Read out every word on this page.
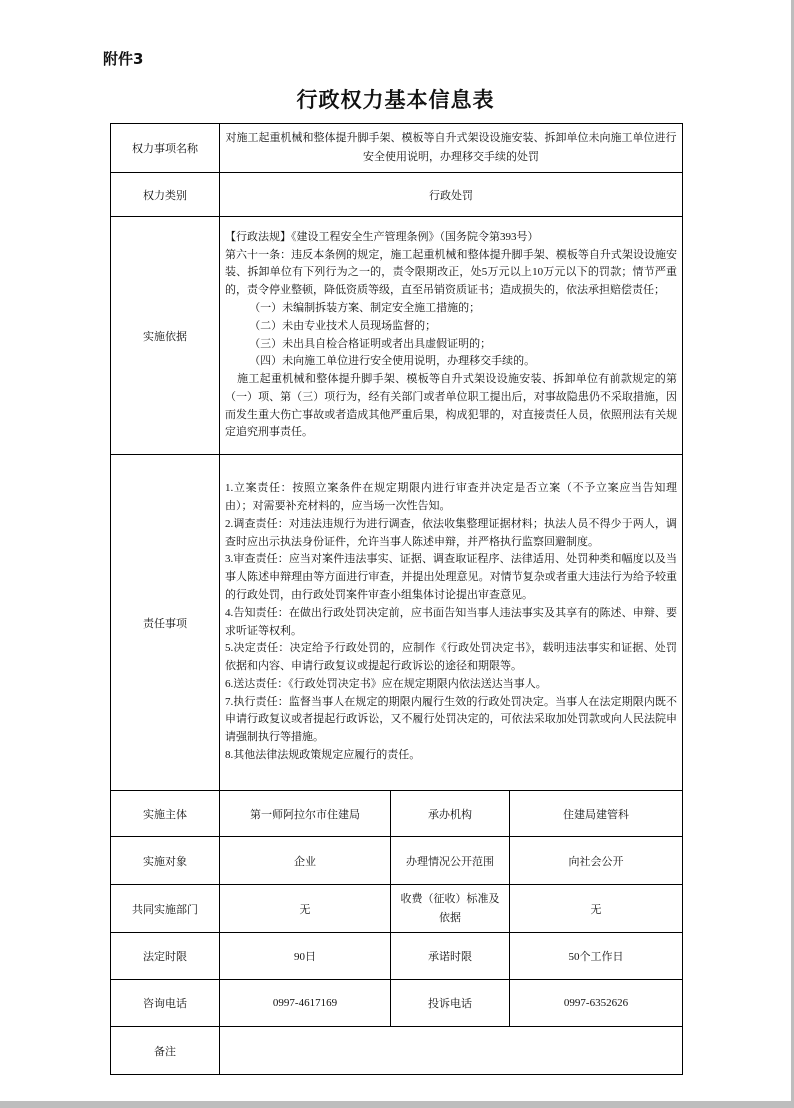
附件3
行政权力基本信息表
权力事项名称	对施工起重机械和整体提升脚手架、模板等自升式架设设施安装、拆卸单位未向施工单位进行安全使用说明，办理移交手续的处罚		
权力类别	行政处罚		
实施依据	
【行政法规】《建设工程安全生产管理条例》（国务院令第393号）
第六十一条：违反本条例的规定，施工起重机械和整体提升脚手架、模板等自升式架设设施安装、拆卸单位有下列行为之一的，责令限期改正，处5万元以上10万元以下的罚款；情节严重的，责令停业整顿，降低资质等级，直至吊销资质证书；造成损失的，依法承担赔偿责任；
（一）未编制拆装方案、制定安全施工措施的；
（二）未由专业技术人员现场监督的；
（三）未出具自检合格证明或者出具虚假证明的；
（四）未向施工单位进行安全使用说明，办理移交手续的。
施工起重机械和整体提升脚手架、模板等自升式架设设施安装、拆卸单位有前款规定的第（一）项、第（三）项行为，经有关部门或者单位职工提出后，对事故隐患仍不采取措施，因而发生重大伤亡事故或者造成其他严重后果，构成犯罪的，对直接责任人员，依照刑法有关规定追究刑事责任。

责任事项	
1.立案责任：按照立案条件在规定期限内进行审查并决定是否立案（不予立案应当告知理由）；对需要补充材料的，应当场一次性告知。
2.调查责任：对违法违规行为进行调查，依法收集整理证据材料；执法人员不得少于两人，调查时应出示执法身份证件，允许当事人陈述申辩，并严格执行监察回避制度。
3.审查责任：应当对案件违法事实、证据、调查取证程序、法律适用、处罚种类和幅度以及当事人陈述申辩理由等方面进行审查，并提出处理意见。对情节复杂或者重大违法行为给予较重的行政处罚，由行政处罚案件审查小组集体讨论提出审查意见。
4.告知责任：在做出行政处罚决定前，应书面告知当事人违法事实及其享有的陈述、申辩、要求听证等权利。
5.决定责任：决定给予行政处罚的，应制作《行政处罚决定书》，载明违法事实和证据、处罚依据和内容、申请行政复议或提起行政诉讼的途径和期限等。
6.送达责任：《行政处罚决定书》应在规定期限内依法送达当事人。
7.执行责任：监督当事人在规定的期限内履行生效的行政处罚决定。当事人在法定期限内既不申请行政复议或者提起行政诉讼，又不履行处罚决定的，可依法采取加处罚款或向人民法院申请强制执行等措施。
8.其他法律法规政策规定应履行的责任。

实施主体	第一师阿拉尔市住建局	承办机构	住建局建管科
实施对象	企业	办理情况公开范围	向社会公开
共同实施部门	无	收费（征收）标准及依据	无
法定时限	90日	承诺时限	50个工作日
咨询电话	0997-4617169	投诉电话	0997-6352626
备注			
